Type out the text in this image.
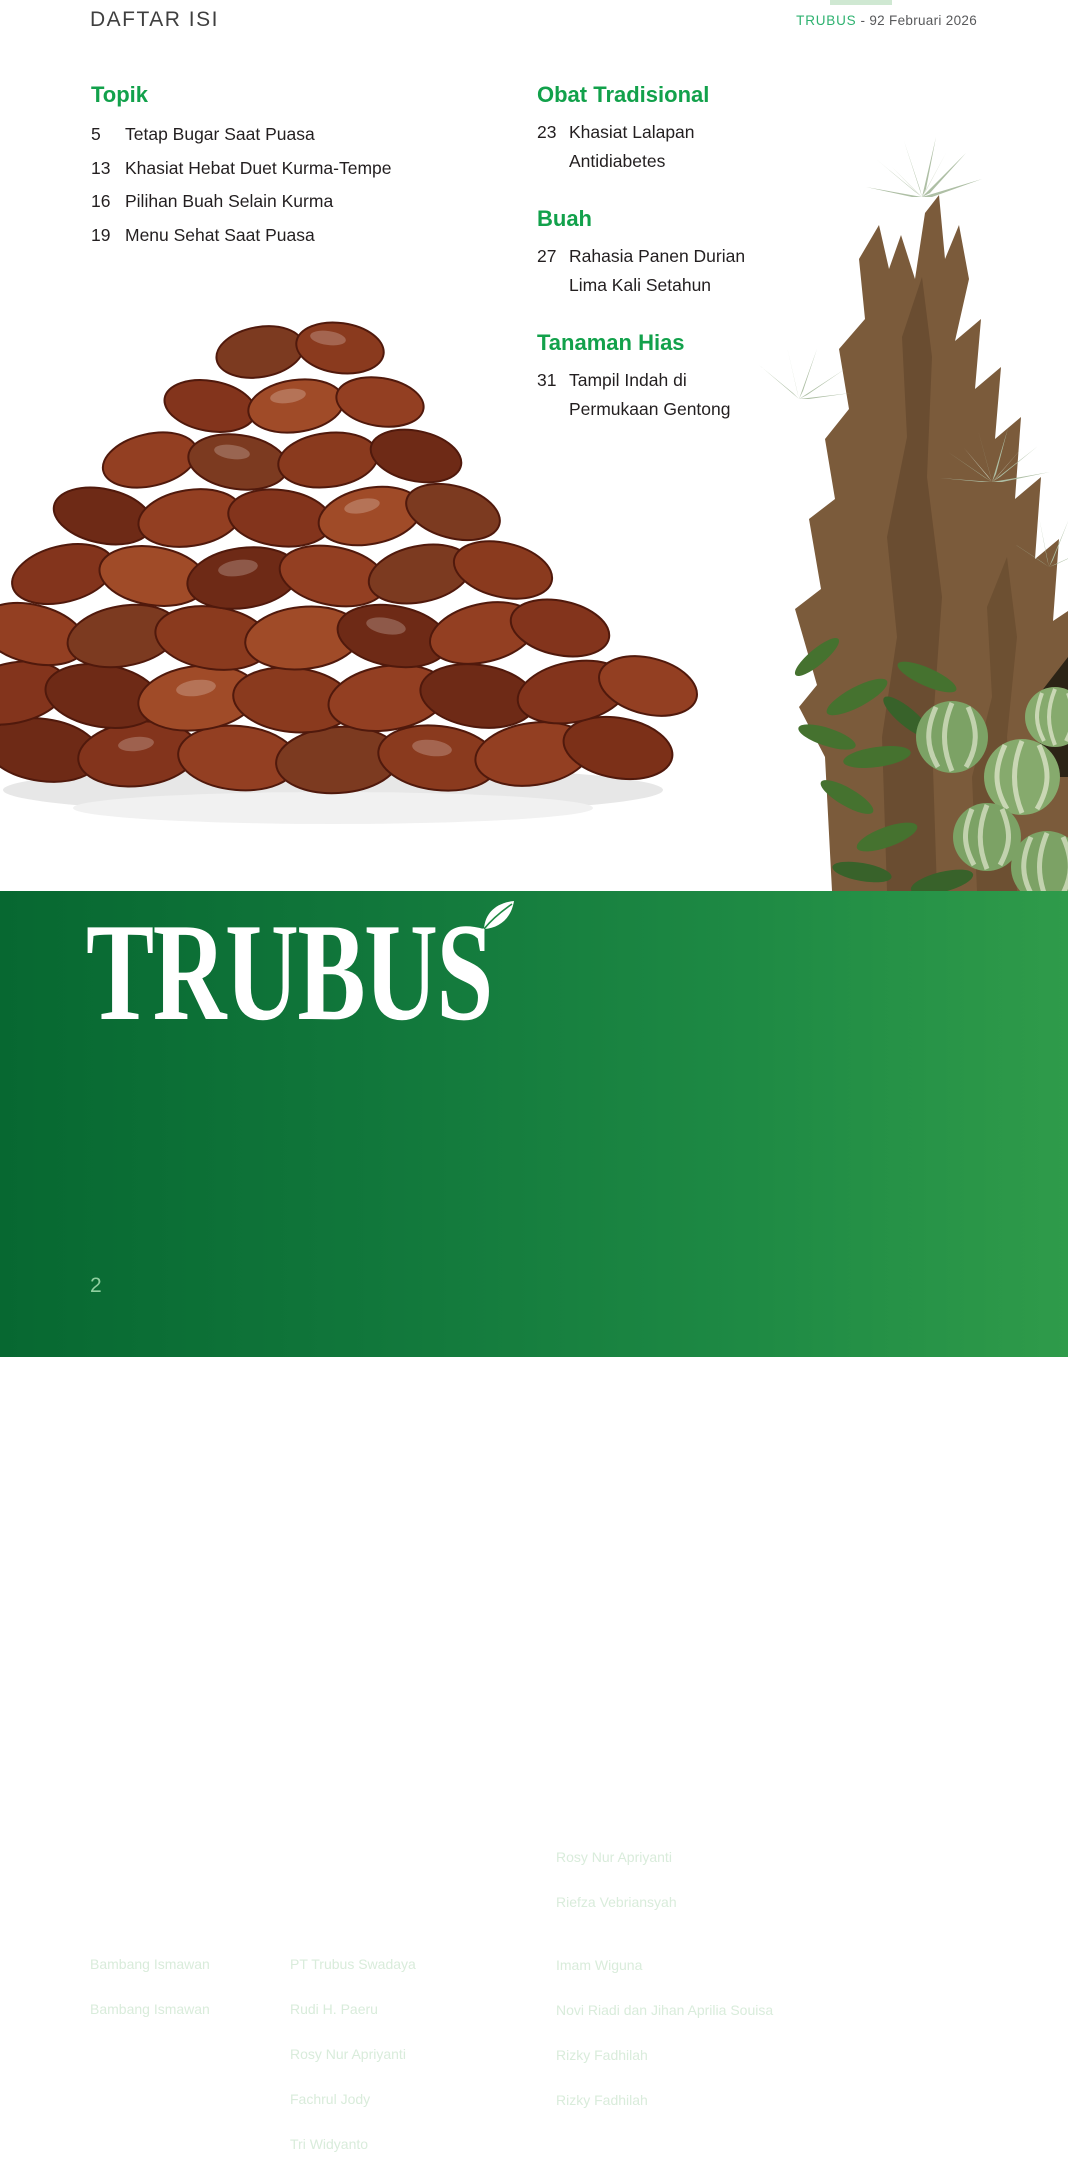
DAFTAR ISI	TRUBUS - 92 Februari 2026
Topik
5	Tetap Bugar Saat Puasa
13 Khasiat Hebat Duet Kurma-Tempe
16 Pilihan Buah Selain Kurma
19 Menu Sehat Saat Puasa
Obat Tradisional
23 Khasiat Lalapan
Antidiabetes
Buah
27 Rahasia Panen Durian
Lima Kali Setahun
Tanaman Hias
31 Tampil Indah di
Permukaan Gentong
Pendiri
Bambang Ismawan
Pemimpin Umum
Bambang Ismawan
Penerbit
PT Trubus Swadaya
Direktur PT Trubus Swadaya
Rudi H. Paeru
Manajer Produksi
Rosy Nur Apriyanti
Manajer Digital
Fachrul Jody
Manajer Pemasaran & Distribusi
Tri Widyanto
Pemimpin Redaksi
Rosy Nur Apriyanti
Redaktur Pelaksana
Riefza Vebriansyah
Kontributor
Imam Wiguna
Artistik
Novi Riadi dan Jihan Aprilia Souisa
Iklan
Rizky Fadhilah
Pelatihan, Tur, dan Konsultasi Agribisnis
Rizky Fadhilah
TRUBUS
2
